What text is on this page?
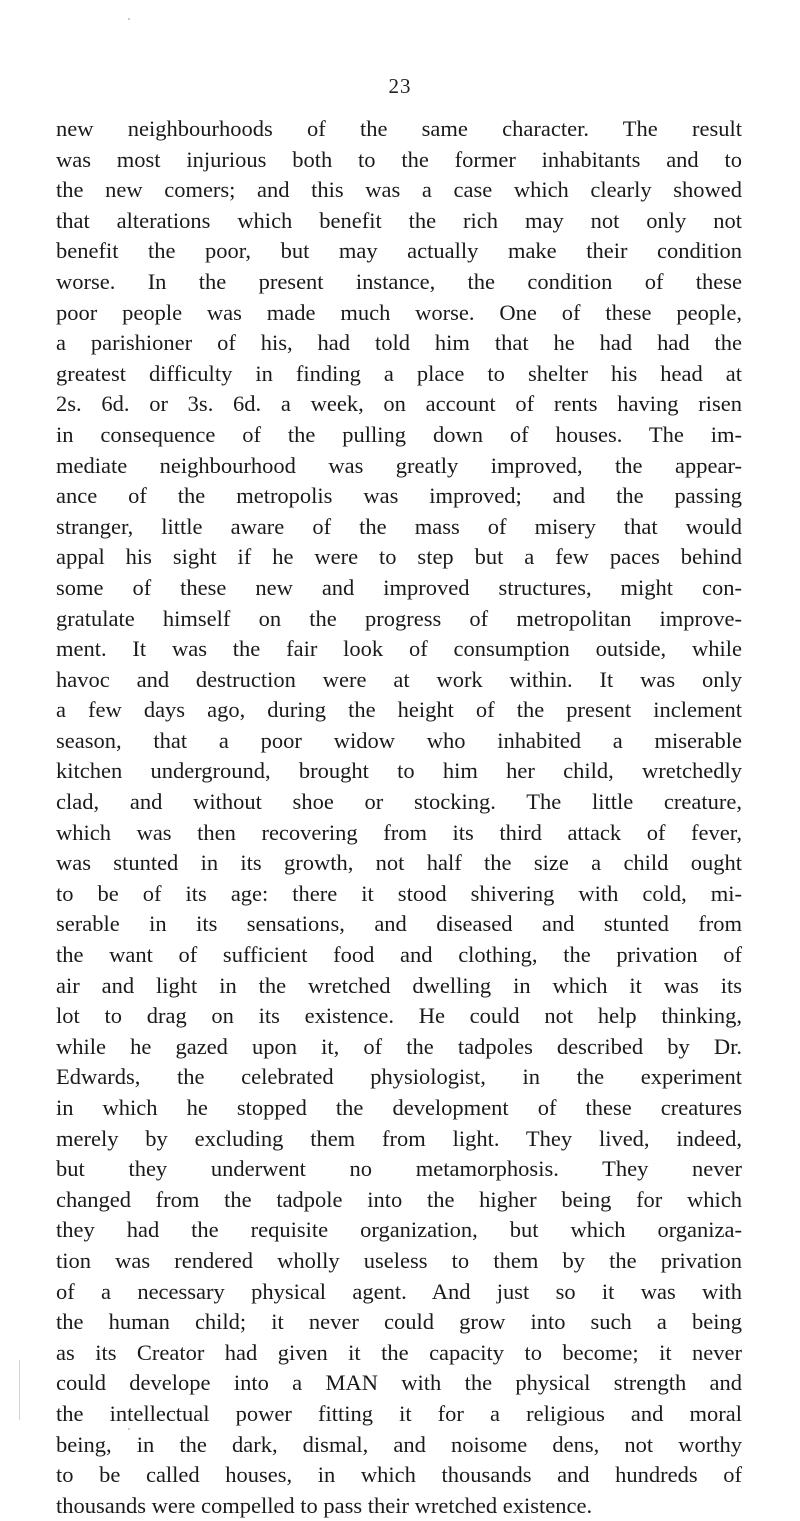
23
new neighbourhoods of the same character. The result
was most injurious both to the former inhabitants and to
the new comers; and this was a case which clearly showed
that alterations which benefit the rich may not only not
benefit the poor, but may actually make their condition
worse. In the present instance, the condition of these
poor people was made much worse. One of these people,
a parishioner of his, had told him that he had had the
greatest difficulty in finding a place to shelter his head at
2s. 6d. or 3s. 6d. a week, on account of rents having risen
in consequence of the pulling down of houses. The im-
mediate neighbourhood was greatly improved, the appear-
ance of the metropolis was improved; and the passing
stranger, little aware of the mass of misery that would
appal his sight if he were to step but a few paces behind
some of these new and improved structures, might con-
gratulate himself on the progress of metropolitan improve-
ment. It was the fair look of consumption outside, while
havoc and destruction were at work within. It was only
a few days ago, during the height of the present inclement
season, that a poor widow who inhabited a miserable
kitchen underground, brought to him her child, wretchedly
clad, and without shoe or stocking. The little creature,
which was then recovering from its third attack of fever,
was stunted in its growth, not half the size a child ought
to be of its age: there it stood shivering with cold, mi-
serable in its sensations, and diseased and stunted from
the want of sufficient food and clothing, the privation of
air and light in the wretched dwelling in which it was its
lot to drag on its existence. He could not help thinking,
while he gazed upon it, of the tadpoles described by Dr.
Edwards, the celebrated physiologist, in the experiment
in which he stopped the development of these creatures
merely by excluding them from light. They lived, indeed,
but they underwent no metamorphosis. They never
changed from the tadpole into the higher being for which
they had the requisite organization, but which organiza-
tion was rendered wholly useless to them by the privation
of a necessary physical agent. And just so it was with
the human child; it never could grow into such a being
as its Creator had given it the capacity to become; it never
could develope into a MAN with the physical strength and
the intellectual power fitting it for a religious and moral
being, in the dark, dismal, and noisome dens, not worthy
to be called houses, in which thousands and hundreds of
thousands were compelled to pass their wretched existence.
